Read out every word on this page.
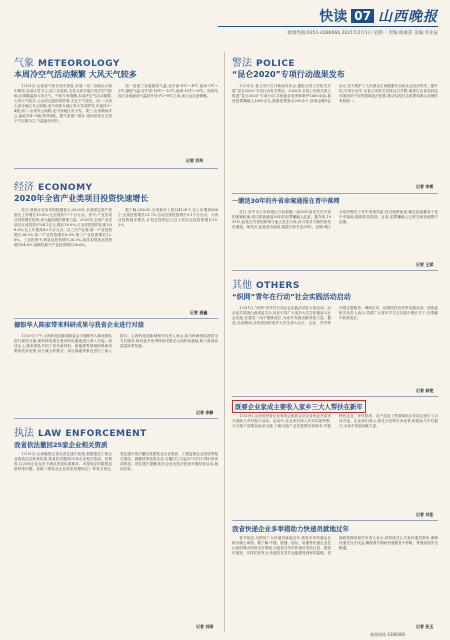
快读 07 山西晚报
新闻热线:0351-4286066 2021年2月1日 星期一 责编:杨素萍 美编:李亚辰
气象 METEOROLOGY
本周冷空气活动频繁 大风天气较多

1月31日,山西省气象台发布消息,本周一至二各地以小到中降雪,局部大雪为主;周三至周四,全省大部分地区受冷空气影响,出现降温和大风天气。气象专家提醒,本周冷空气活动频繁,大风天气较多,公众需注意防风防寒,关注天气变化。周一:全省大部分地区多云转阴,北中部部分地区有小雪或阵雪,东南风3~4级;周二:全省多云间阴,北中部地区有小雪。周三:全省晴间多云,偏北风4~5级,阵风6级。据气象部门预计,周四至周五全省天气以晴为主,气温逐步回升。

周一至周三各地最高气温:北中部-8℃~-4℃,南部-2℃~2℃;最低气温:北中部-16℃~-12℃,南部-10℃~-6℃。周四至周日各地最高气温回升至0℃~8℃之间,请公众注意保暖。

记者 苏玲
经济 ECONOMY
2020年全省产业类项目投资快速增长

近日,省统计局发布的数据显示,2020年,全省固定资产投资比上年增长10.6%,比全国高7.7个百分点。其中,产业类项目投资增长较快,成为稳投资的重要力量。2020年,全省产业类项目完成投资5764.1亿元,增长18.9%,占全部投资的比重为58.6%,比上年提高4.0个百分点。从三次产业看,第一产业投资增长36.2%,第二产业投资增长8.9%,第三产业投资增长12.8%。工业投资中,制造业投资增长28.3%,高技术制造业投资增长64.8%,战略性新兴产业投资增长36.6%。

据了解,2020年,全省新开工项目4128个,比上年增加568个,完成投资增长21.7%,拉动全部投资增长9.1个百分点。大项目投资稳步增长,计划总投资亿元以上项目完成投资增长15.3%。

记者 姜鑫
德银华人陈家带来科研成果与我省企业进行对接

1月29日下午,山西科技创新城管委会与德银华人陈家团队进行座谈交流,就科研成果在我省转化落地进行深入对接。座谈会上,陈家团队介绍了其在新材料、新能源等领域的科研成果和技术优势,双方就合作模式、项目落地等事宜进行了深入探讨。山西科技创新城相关负责人表示,将为科研团队提供全方位服务,推动更多优秀科研成果在山西转化落地,助力我省高质量转型发展。

记者 李静
执法 LAW ENFORCEMENT
我省依法撤回25家企业相关资质

1月31日,山西晚报记者从省住建厅获悉,根据建设工程企业资质动态核查结果,我省依法撤回25家企业相关资质。经核查,这25家企业存在不满足资质标准要求、未按规定时限报送资料等问题。依据《建筑业企业资质管理规定》等有关规定,省住建厅依法撤回其建筑业企业资质、工程监理企业资质等相关资质。被撤回资质的企业,自撤回之日起3个月内不得申请该项资质。省住建厅提醒,相关企业应依法依规开展经营活动,诚信经营。

记者 刘丽
警法 POLICE
“昆仑2020”专项行动战果发布

1月31日,省公安厅召开新闻发布会,通报全省公安机关开展“昆仑2020”专项行动有关情况。2020年,全省公安机关深入推进“昆仑2020”专项行动,共侦破各类刑事案件1400余起,抓获犯罪嫌疑人1600余名,捣毁犯罪窝点200余个,涉案金额9亿余元,有力维护了人民群众生命健康安全和社会经济秩序。据介绍,专项行动中,全省公安机关坚持以打开路,重拳打击食品药品环境知识产权等领域违法犯罪,推动实现打击犯罪和源头治理的有机统一。

记者 李雪
一潮迭30年的外省命案通报在晋中落网

近日,晋中市公安局城区分局侦破一起30年前发生在外省的命案积案,成功抓获潜逃30年的犯罪嫌疑人赵某。据介绍,1991年,赵某在外省因琐事与他人发生口角,持刀将对方刺伤致死后潜逃。案发后,赵某改名换姓,隐匿行踪长达30年。近期,城区分局民警在工作中发现线索,经过缜密侦查,确定赵某藏身于晋中市某地,随即将其抓获。目前,犯罪嫌疑人已移交案发地警方处理。

记者 王斌
其他 OTHERS
“织网”青年在行动”社会实践活动启动

1月31日,“织网”青年在行动社会实践活动在太原启动。活动由共青团山西省委主办,旨在引导广大返乡大学生积极参与社会实践,在基层一线中锻炼成长,为家乡发展贡献青春力量。据悉,活动期间,全省将组织返乡大学生深入社区、企业、乡村等开展志愿服务、调研走访、疫情防控宣传等实践活动。团省委相关负责人表示,希望广大青年学生在实践中增长才干,在奉献中收获成长。

记者 郝斐
既要企业家成主要收入家乡三大人帮扶在新年

1月29日,山西省民营企业家协会组织会员企业家赴吕梁市开展助力乡村振兴活动。活动中,企业家们深入乡村实地考察,与当地干部群众座谈交流,了解当地产业发展情况和需求,并就特色农业、乡村旅游、农产品加工等领域的合作项目进行了洽谈对接。企业家们表示,将充分发挥自身优势,积极参与乡村振兴,为家乡发展贡献力量。

记者 刘佳
我省快递企业多举措助力快递员就地过年

春节临近,为倡导广大快递员就地过年,我省多家快递企业推出暖心举措。据了解,中通、圆通、韵达、申通等快递企业在山西的网点纷纷出台措施,为留晋过年的快递员发放红包、提供年夜饭、安排住宿等,让快递员在异乡也能感受到家的温暖。省邮政管理局相关负责人表示,将持续关心关爱快递员群体,保障快递员合法权益,确保春节期间快递服务不停歇、寄递渠道安全畅通。

记者 张玉
新闻热线 4286066
